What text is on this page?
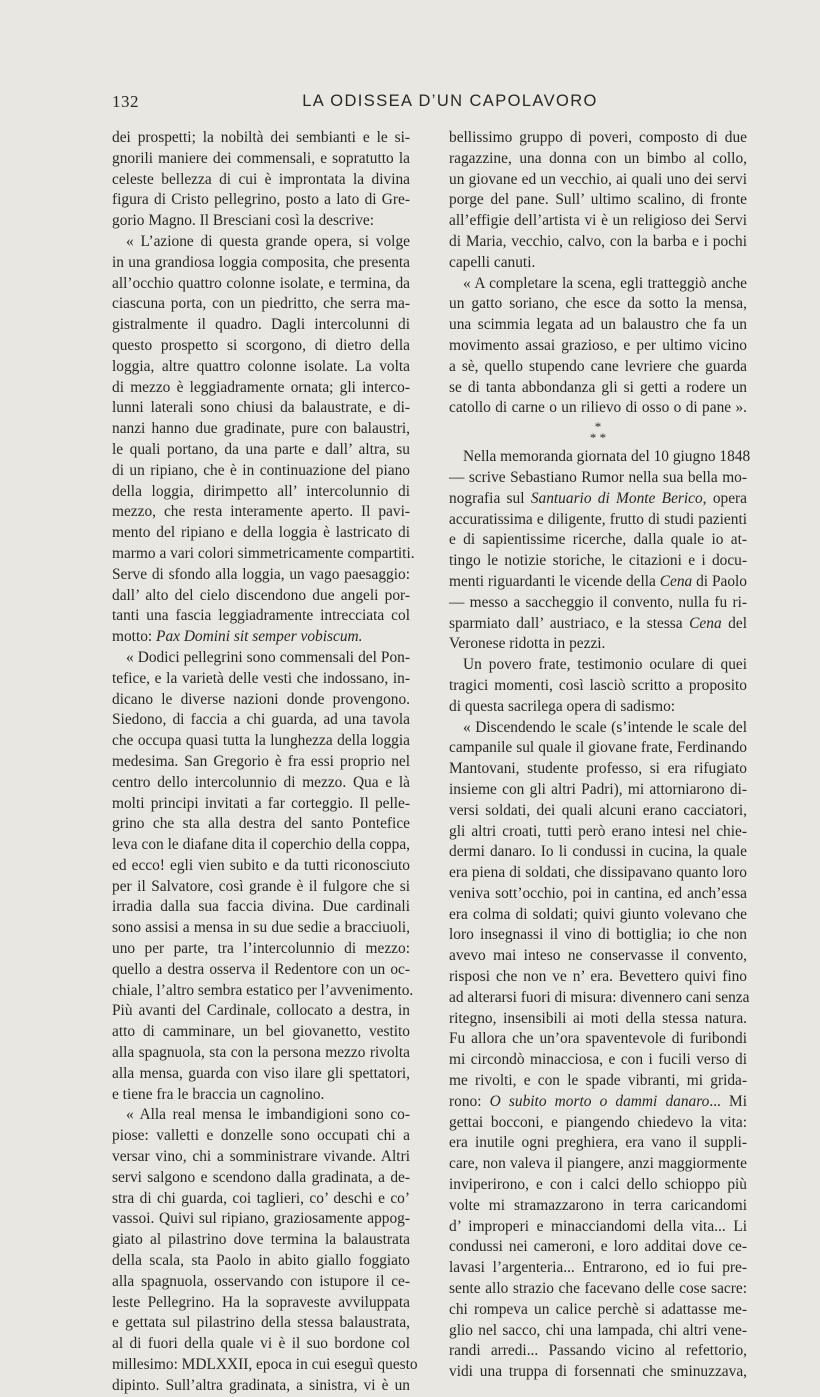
132	LA ODISSEA D’UN CAPOLAVORO
dei prospetti; la nobiltà dei sembianti e le si-
gnorili maniere dei commensali, e sopratutto la
celeste bellezza di cui è improntata la divina
figura di Cristo pellegrino, posto a lato di Gre-
gorio Magno. Il Bresciani così la descrive:
« L’azione di questa grande opera, si volge
in una grandiosa loggia composita, che presenta
all’occhio quattro colonne isolate, e termina, da
ciascuna porta, con un piedritto, che serra ma-
gistralmente il quadro. Dagli intercolunni di
questo prospetto si scorgono, di dietro della
loggia, altre quattro colonne isolate. La volta
di mezzo è leggiadramente ornata; gli interco-
lunni laterali sono chiusi da balaustrate, e di-
nanzi hanno due gradinate, pure con balaustri,
le quali portano, da una parte e dall’ altra, su
di un ripiano, che è in continuazione del piano
della loggia, dirimpetto all’ intercolunnio di
mezzo, che resta interamente aperto. Il pavi-
mento del ripiano e della loggia è lastricato di
marmo a vari colori simmetricamente compartiti.
Serve di sfondo alla loggia, un vago paesaggio:
dall’ alto del cielo discendono due angeli por-
tanti una fascia leggiadramente intrecciata col
motto: Pax Domini sit semper vobiscum.
« Dodici pellegrini sono commensali del Pon-
tefice, e la varietà delle vesti che indossano, in-
dicano le diverse nazioni donde provengono.
Siedono, di faccia a chi guarda, ad una tavola
che occupa quasi tutta la lunghezza della loggia
medesima. San Gregorio è fra essi proprio nel
centro dello intercolunnio di mezzo. Qua e là
molti principi invitati a far corteggio. Il pelle-
grino che sta alla destra del santo Pontefice
leva con le diafane dita il coperchio della coppa,
ed ecco! egli vien subito e da tutti riconosciuto
per il Salvatore, così grande è il fulgore che si
irradia dalla sua faccia divina. Due cardinali
sono assisi a mensa in su due sedie a bracciuoli,
uno per parte, tra l’intercolunnio di mezzo:
quello a destra osserva il Redentore con un oc-
chiale, l’altro sembra estatico per l’avvenimento.
Più avanti del Cardinale, collocato a destra, in
atto di camminare, un bel giovanetto, vestito
alla spagnuola, sta con la persona mezzo rivolta
alla mensa, guarda con viso ilare gli spettatori,
e tiene fra le braccia un cagnolino.
« Alla real mensa le imbandigioni sono co-
piose: valletti e donzelle sono occupati chi a
versar vino, chi a somministrare vivande. Altri
servi salgono e scendono dalla gradinata, a de-
stra di chi guarda, coi taglieri, co’ deschi e co’
vassoi. Quivi sul ripiano, graziosamente appog-
giato al pilastrino dove termina la balaustrata
della scala, sta Paolo in abito giallo foggiato
alla spagnuola, osservando con istupore il ce-
leste Pellegrino. Ha la sopraveste avviluppata
e gettata sul pilastrino della stessa balaustrata,
al di fuori della quale vi è il suo bordone col
millesimo: MDLXXII, epoca in cui eseguì questo
dipinto. Sull’altra gradinata, a sinistra, vi è un
bellissimo gruppo di poveri, composto di due
ragazzine, una donna con un bimbo al collo,
un giovane ed un vecchio, ai quali uno dei servi
porge del pane. Sull’ ultimo scalino, di fronte
all’effigie dell’artista vi è un religioso dei Servi
di Maria, vecchio, calvo, con la barba e i pochi
capelli canuti.
« A completare la scena, egli tratteggiò anche
un gatto soriano, che esce da sotto la mensa,
una scimmia legata ad un balaustro che fa un
movimento assai grazioso, e per ultimo vicino
a sè, quello stupendo cane levriere che guarda
se di tanta abbondanza gli si getti a rodere un
catollo di carne o un rilievo di osso o di pane ».
*
* *
Nella memoranda giornata del 10 giugno 1848
— scrive Sebastiano Rumor nella sua bella mo-
nografia sul Santuario di Monte Berico, opera
accuratissima e diligente, frutto di studi pazienti
e di sapientissime ricerche, dalla quale io at-
tingo le notizie storiche, le citazioni e i docu-
menti riguardanti le vicende della Cena di Paolo
— messo a saccheggio il convento, nulla fu ri-
sparmiato dall’ austriaco, e la stessa Cena del
Veronese ridotta in pezzi.
Un povero frate, testimonio oculare di quei
tragici momenti, così lasciò scritto a proposito
di questa sacrilega opera di sadismo:
« Discendendo le scale (s’intende le scale del
campanile sul quale il giovane frate, Ferdinando
Mantovani, studente professo, si era rifugiato
insieme con gli altri Padri), mi attorniarono di-
versi soldati, dei quali alcuni erano cacciatori,
gli altri croati, tutti però erano intesi nel chie-
dermi danaro. Io li condussi in cucina, la quale
era piena di soldati, che dissipavano quanto loro
veniva sott’occhio, poi in cantina, ed anch’essa
era colma di soldati; quivi giunto volevano che
loro insegnassi il vino di bottiglia; io che non
avevo mai inteso ne conservasse il convento,
risposi che non ve n’ era. Bevettero quivi fino
ad alterarsi fuori di misura: divennero cani senza
ritegno, insensibili ai moti della stessa natura.
Fu allora che un’ora spaventevole di furibondi
mi circondò minacciosa, e con i fucili verso di
me rivolti, e con le spade vibranti, mi grida-
rono: O subito morto o dammi danaro... Mi
gettai bocconi, e piangendo chiedevo la vita:
era inutile ogni preghiera, era vano il suppli-
care, non valeva il piangere, anzi maggiormente
inviperirono, e con i calci dello schioppo più
volte mi stramazzarono in terra caricandomi
d’ improperi e minacciandomi della vita... Li
condussi nei cameroni, e loro additai dove ce-
lavasi l’argenteria... Entrarono, ed io fui pre-
sente allo strazio che facevano delle cose sacre:
chi rompeva un calice perchè si adattasse me-
glio nel sacco, chi una lampada, chi altri vene-
randi arredi... Passando vicino al refettorio,
vidi una truppa di forsennati che sminuzzava,
